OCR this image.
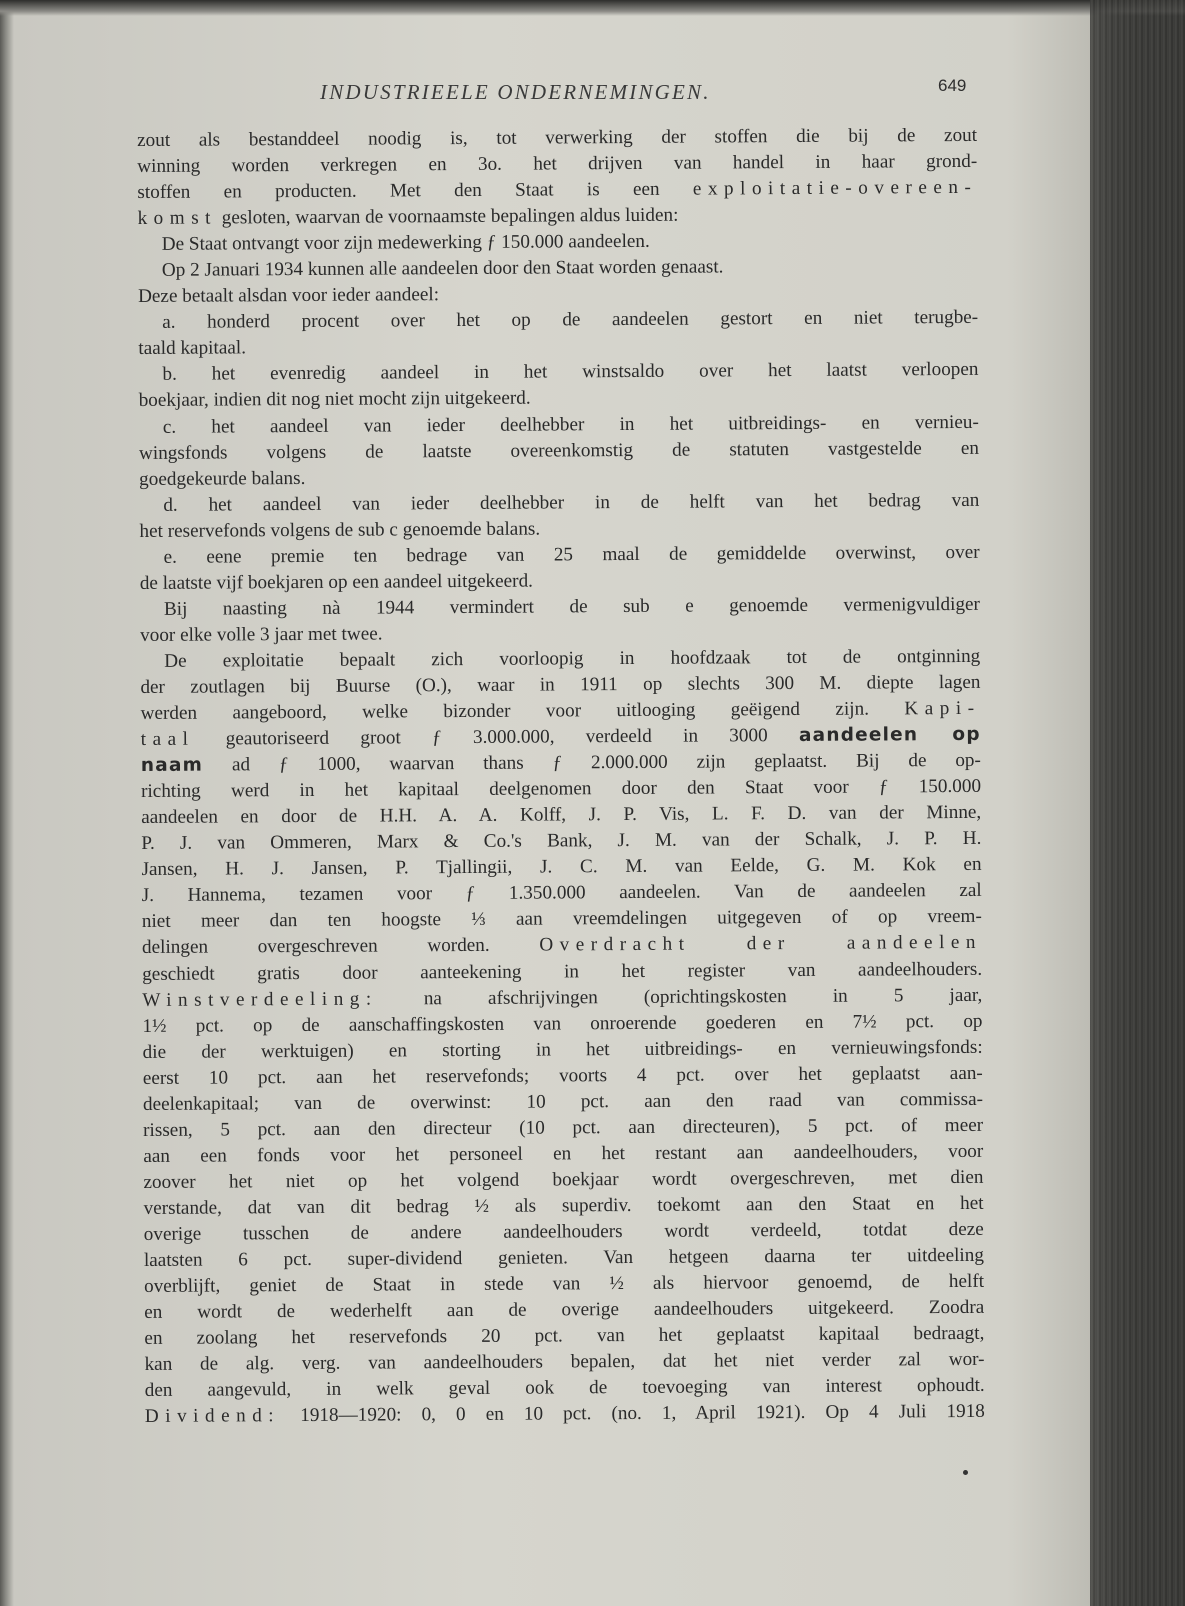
INDUSTRIEELE ONDERNEMINGEN.	649
zout als bestanddeel noodig is, tot verwerking der stoffen die bij de zout
winning worden verkregen en 3o. het drijven van handel in haar grond-
stoffen en producten. Met den Staat is een exploitatie-overeen-
komst gesloten, waarvan de voornaamste bepalingen aldus luiden:
De Staat ontvangt voor zijn medewerking ƒ 150.000 aandeelen.
Op 2 Januari 1934 kunnen alle aandeelen door den Staat worden genaast.
Deze betaalt alsdan voor ieder aandeel:
a. honderd procent over het op de aandeelen gestort en niet terugbe-
taald kapitaal.
b. het evenredig aandeel in het winstsaldo over het laatst verloopen
boekjaar, indien dit nog niet mocht zijn uitgekeerd.
c. het aandeel van ieder deelhebber in het uitbreidings- en vernieu-
wingsfonds volgens de laatste overeenkomstig de statuten vastgestelde en
goedgekeurde balans.
d. het aandeel van ieder deelhebber in de helft van het bedrag van
het reservefonds volgens de sub c genoemde balans.
e. eene premie ten bedrage van 25 maal de gemiddelde overwinst, over
de laatste vijf boekjaren op een aandeel uitgekeerd.
Bij naasting nà 1944 vermindert de sub e genoemde vermenigvuldiger
voor elke volle 3 jaar met twee.
De exploitatie bepaalt zich voorloopig in hoofdzaak tot de ontginning
der zoutlagen bij Buurse (O.), waar in 1911 op slechts 300 M. diepte lagen
werden aangeboord, welke bizonder voor uitlooging geëigend zijn. Kapi-
taal geautoriseerd groot ƒ 3.000.000, verdeeld in 3000 aandeelen op
naam ad ƒ 1000, waarvan thans ƒ 2.000.000 zijn geplaatst. Bij de op-
richting werd in het kapitaal deelgenomen door den Staat voor ƒ 150.000
aandeelen en door de H.H. A. A. Kolff, J. P. Vis, L. F. D. van der Minne,
P. J. van Ommeren, Marx & Co.'s Bank, J. M. van der Schalk, J. P. H.
Jansen, H. J. Jansen, P. Tjallingii, J. C. M. van Eelde, G. M. Kok en
J. Hannema, tezamen voor ƒ 1.350.000 aandeelen. Van de aandeelen zal
niet meer dan ten hoogste ⅓ aan vreemdelingen uitgegeven of op vreem-
delingen overgeschreven worden. Overdracht der aandeelen
geschiedt gratis door aanteekening in het register van aandeelhouders.
Winstverdeeling: na afschrijvingen (oprichtingskosten in 5 jaar,
1½ pct. op de aanschaffingskosten van onroerende goederen en 7½ pct. op
die der werktuigen) en storting in het uitbreidings- en vernieuwingsfonds:
eerst 10 pct. aan het reservefonds; voorts 4 pct. over het geplaatst aan-
deelenkapitaal; van de overwinst: 10 pct. aan den raad van commissa-
rissen, 5 pct. aan den directeur (10 pct. aan directeuren), 5 pct. of meer
aan een fonds voor het personeel en het restant aan aandeelhouders, voor
zoover het niet op het volgend boekjaar wordt overgeschreven, met dien
verstande, dat van dit bedrag ½ als superdiv. toekomt aan den Staat en het
overige tusschen de andere aandeelhouders wordt verdeeld, totdat deze
laatsten 6 pct. super-dividend genieten. Van hetgeen daarna ter uitdeeling
overblijft, geniet de Staat in stede van ½ als hiervoor genoemd, de helft
en wordt de wederhelft aan de overige aandeelhouders uitgekeerd. Zoodra
en zoolang het reservefonds 20 pct. van het geplaatst kapitaal bedraagt,
kan de alg. verg. van aandeelhouders bepalen, dat het niet verder zal wor-
den aangevuld, in welk geval ook de toevoeging van interest ophoudt.
Dividend: 1918—1920: 0, 0 en 10 pct. (no. 1, April 1921). Op 4 Juli 1918
